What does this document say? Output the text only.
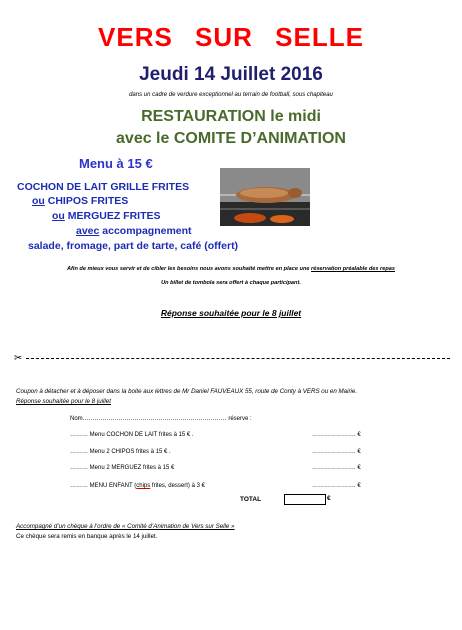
VERS SUR SELLE
Jeudi 14 Juillet 2016
dans un cadre de verdure exceptionnel au terrain de football, sous chapiteau
RESTAURATION le midi
avec le COMITE D’ANIMATION
Menu à 15 €
COCHON DE LAIT GRILLE FRITES
ou CHIPOS FRITES
ou MERGUEZ FRITES
avec accompagnement
salade, fromage, part de tarte, café (offert)
Afin de mieux vous servir et de cibler les besoins nous avons souhaité mettre en place une réservation préalable des repas
Un billet de tombola sera offert à chaque participant.
Réponse souhaitée pour le 8 juillet
✂
Coupon à détacher et à déposer dans la boite aux lettres de Mr Daniel FAUVEAUX 55, route de Conty à VERS ou en Mairie.
Réponse souhaitée pour le 8 juillet
Nom……………………………………………………………… réserve :
……… Menu COCHON DE LAIT frites à 15 € .
……… Menu 2 CHIPOS frites à 15 € .
……… Menu 2 MERGUEZ frites à 15 €
……… MENU ENFANT (chips frites, dessert) à 3 €
…………………. €
…………………. €
…………………. €
…………………. €
TOTAL	€
Accompagné d’un chèque à l’ordre de « Comité d’Animation de Vers sur Selle »
Ce chèque sera remis en banque après le 14 juillet.
